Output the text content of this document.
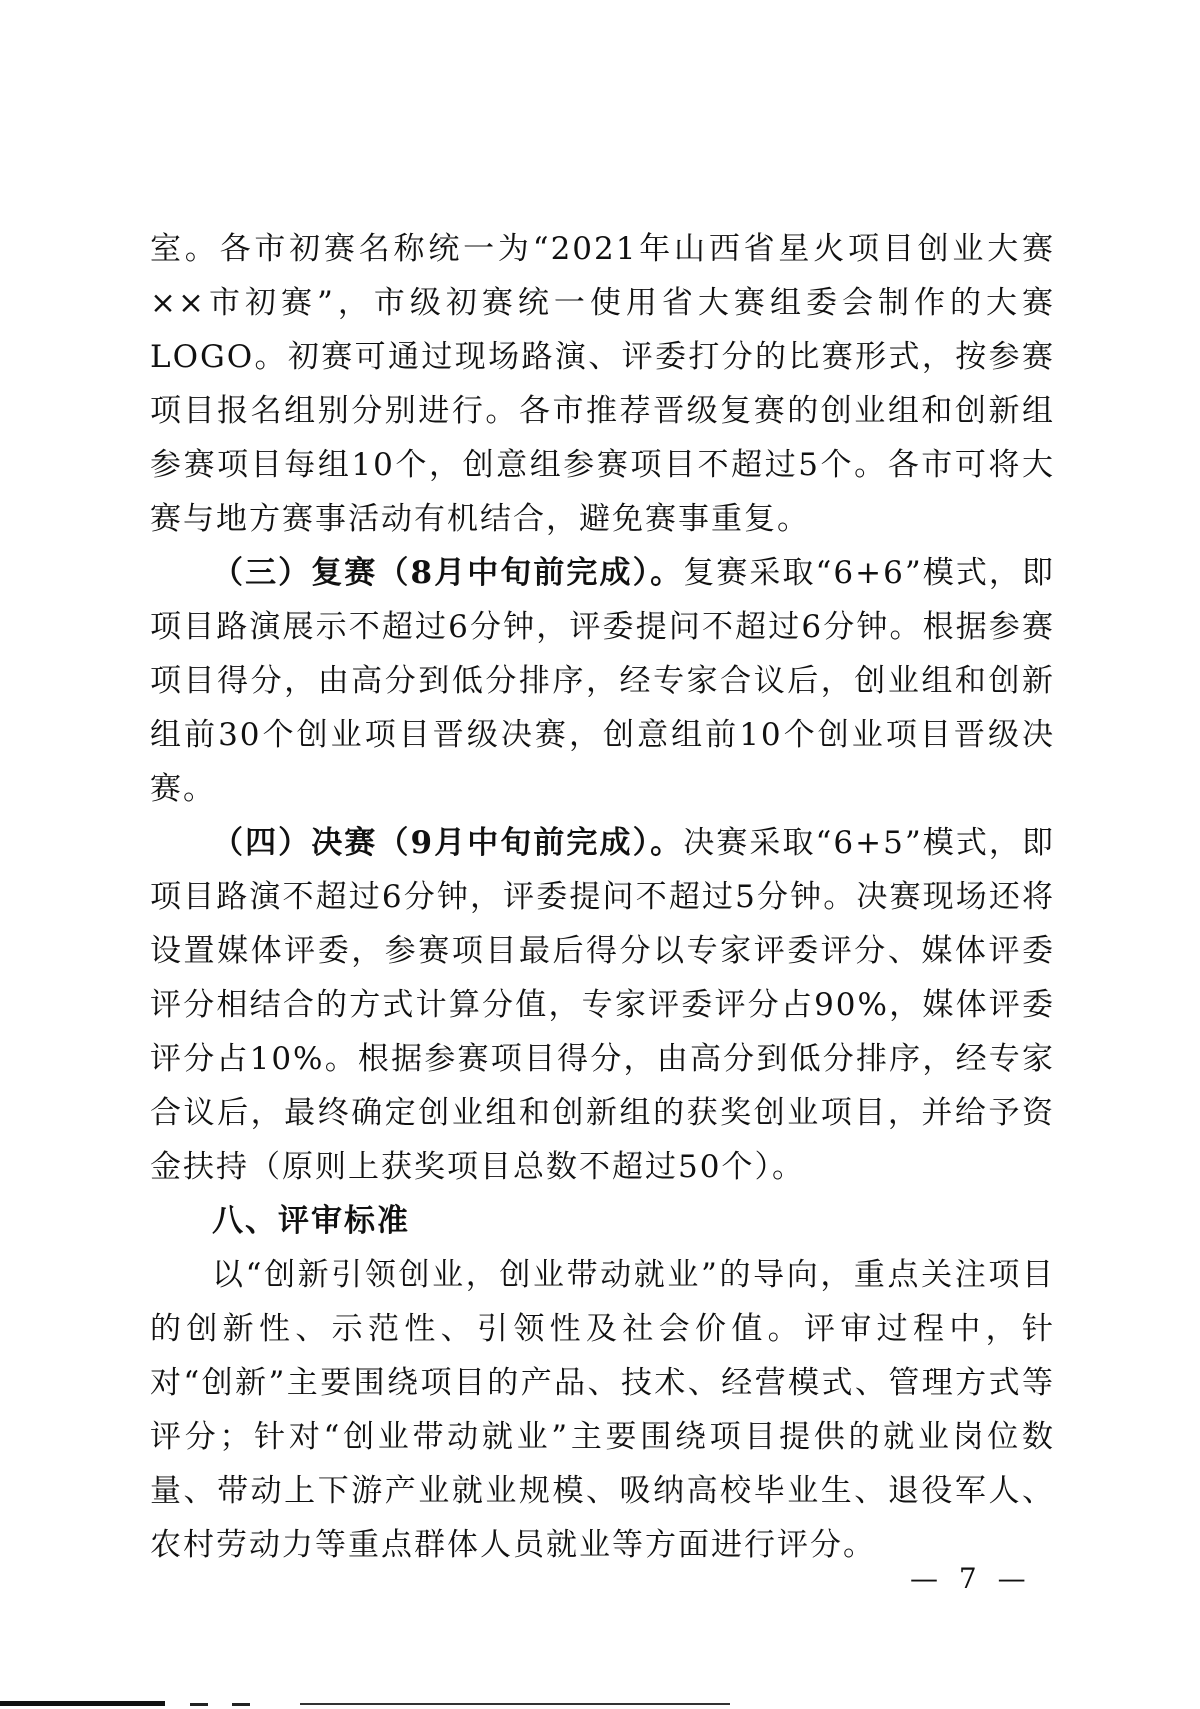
室。各市初赛名称统一为“2021年山西省星火项目创业大赛××市初赛”，市级初赛统一使用省大赛组委会制作的大赛LOGO。初赛可通过现场路演、评委打分的比赛形式，按参赛项目报名组别分别进行。各市推荐晋级复赛的创业组和创新组参赛项目每组10个，创意组参赛项目不超过5个。各市可将大赛与地方赛事活动有机结合，避免赛事重复。

（三）复赛（8月中旬前完成）。复赛采取“6+6”模式，即项目路演展示不超过6分钟，评委提问不超过6分钟。根据参赛项目得分，由高分到低分排序，经专家合议后，创业组和创新组前30个创业项目晋级决赛，创意组前10个创业项目晋级决赛。

（四）决赛（9月中旬前完成）。决赛采取“6+5”模式，即项目路演不超过6分钟，评委提问不超过5分钟。决赛现场还将设置媒体评委，参赛项目最后得分以专家评委评分、媒体评委评分相结合的方式计算分值，专家评委评分占90%，媒体评委评分占10%。根据参赛项目得分，由高分到低分排序，经专家合议后，最终确定创业组和创新组的获奖创业项目，并给予资金扶持（原则上获奖项目总数不超过50个）。

八、评审标准

以“创新引领创业，创业带动就业”的导向，重点关注项目的创新性、示范性、引领性及社会价值。评审过程中，针对“创新”主要围绕项目的产品、技术、经营模式、管理方式等评分；针对“创业带动就业”主要围绕项目提供的就业岗位数量、带动上下游产业就业规模、吸纳高校毕业生、退役军人、农村劳动力等重点群体人员就业等方面进行评分。

— 7 —
